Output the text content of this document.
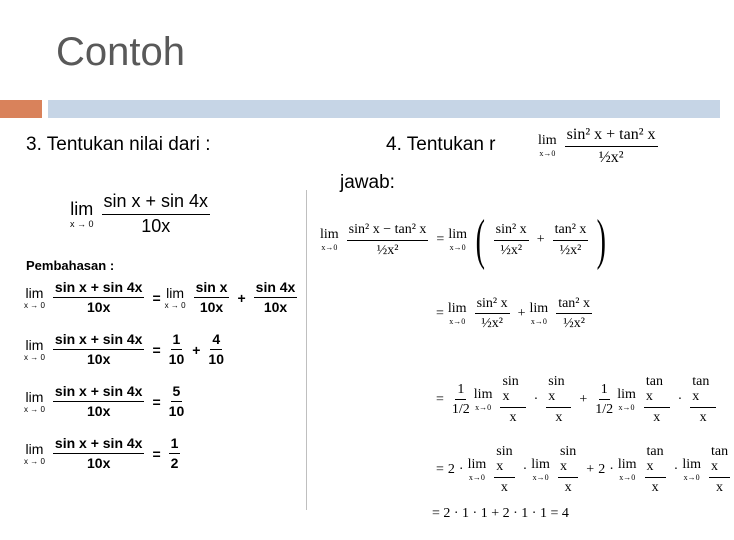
Contoh
3. Tentukan nilai dari :	4. Tentukan r
jawab:
lim
$x\to 0 \frac{\text{sin² x + tan² x}}{\text{½x²}}$
lim
$x \to 0 \frac{\text{sin x + sin 4x}}{10x}$
Pembahasan :
lim
$x \to 0 \frac{\text{sin x + sin 4x}}{10x} = \lim$
$x \to 0 \frac{\text{sin x}}{10x} + \frac{\sin 4x}{10x}$
lim
$x \to 0 \frac{\text{sin x + sin 4x}}{10x} = \frac{1}{10} + \frac{4}{10}$
lim
$x \to 0 \frac{\text{sin x + sin 4x}}{10x} = \frac{5}{10}$
lim
$x \to 0 \frac{\text{sin x + sin 4x}}{10x} = \frac{1}{2}$
lim
$x\to 0 \frac{\text{sin² x − tan² x}}{\text{½x²}} = \lim$
x→0 ( $\frac{\text{sin² x}}{\text{½x²}} + \frac{\text{tan² x}}{\text{½x²}}$ )
= lim
$x\to 0 \frac{\text{sin² x}}{\text{½x²}} + \lim$
$x\to 0 \frac{\text{tan² x}}{\text{½x²}}$
= $\frac{1}{1/2}$ lim
$x\to 0 \frac{\text{sin x}}{x} \cdot \frac{\text{sin x}}{x} + \frac{1}{1/2}$ lim
$x\to 0 \frac{\text{tan x}}{x} \cdot \frac{\text{tan x}}{x}$
= 2 · lim
$x\to 0 \frac{\text{sin x}}{x} \cdot \lim$
$x\to 0 \frac{\text{sin x}}{x} + 2 \cdot \lim$
$x\to 0 \frac{\text{tan x}}{x} \cdot \lim$
$x\to 0 \frac{\text{tan x}}{x}$
= 2 · 1 · 1 + 2 · 1 · 1 = 4
